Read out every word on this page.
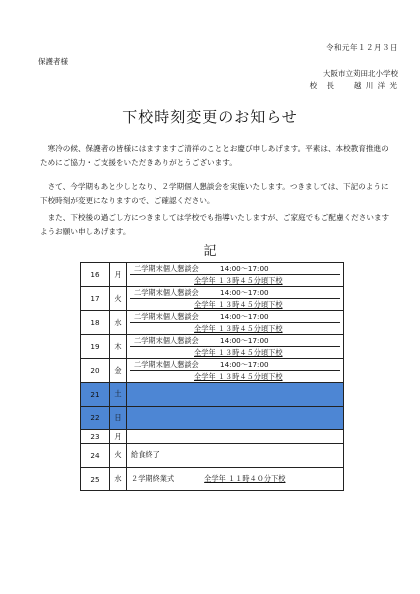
令和元年１２月３日
保護者様
大阪市立苅田北小学校
校　長	越 川 洋 光
下校時刻変更のお知らせ
　寒冷の候、保護者の皆様にはますますご清祥のこととお慶び申しあげます。平素は、本校教育推進のためにご協力・ご支援をいただきありがとうございます。
　さて、今学期もあと少しとなり、２学期個人懇談会を実施いたします。つきましては、下記のように下校時刻が変更になりますので、ご確認ください。
　また、下校後の過ごし方につきましては学校でも指導いたしますが、ご家庭でもご配慮くださいますようお願い申しあげます。
記
16	月	二学期末個人懇談会 14:00～17:00
全学年 １３時４５分頃下校

17	火	二学期末個人懇談会 14:00～17:00
全学年 １３時４５分頃下校

18	水	二学期末個人懇談会 14:00～17:00
全学年 １３時４５分頃下校

19	木	二学期末個人懇談会 14:00～17:00
全学年 １３時４５分頃下校

20	金	二学期末個人懇談会 14:00～17:00
全学年 １３時４５分頃下校

21	土	
22	日	
23	月	
24	火	給食終了
25	水	２学期終業式 全学年 １１時４０分下校
